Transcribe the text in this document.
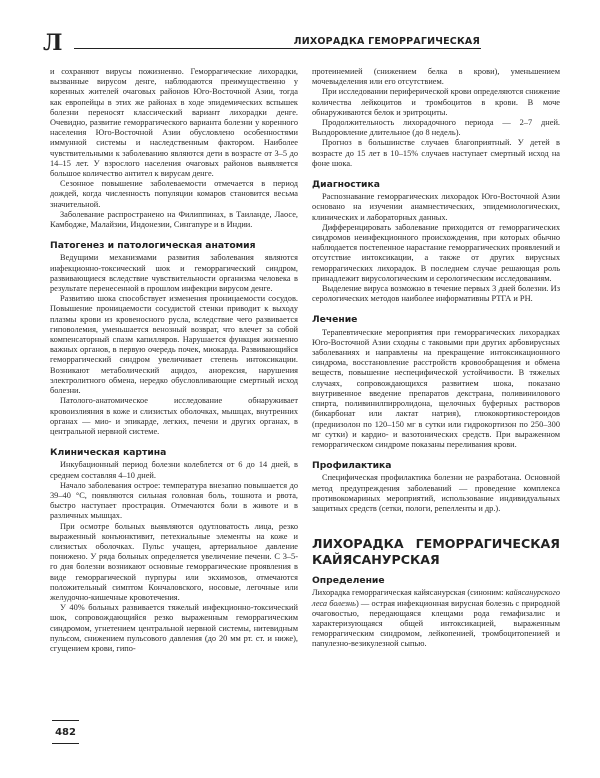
Л	ЛИХОРАДКА ГЕМОРРАГИЧЕСКАЯ

и сохраняют вирусы пожизненно. Геморрагические лихорадки, вызванные вирусом денге, наблюдаются преимущественно у коренных жителей очаговых районов Юго-Восточной Азии, тогда как европейцы в этих же районах в ходе эпидемических вспышек болезни переносят классический вариант лихорадки денге. Очевидно, развитие геморрагического варианта болезни у коренного населения Юго-Восточной Азии обусловлено особенностями иммунной системы и наследственным фактором. Наиболее чувствительными к заболеванию являются дети в возрасте от 3–5 до 14–15 лет. У взрослого населения очаговых районов выявляется большое количество антител к вирусам денге.

Сезонное повышение заболеваемости отмечается в период дождей, когда численность популяции комаров становится весьма значительной.

Заболевание распространено на Филиппинах, в Таиланде, Лаосе, Камбодже, Малайзии, Индонезии, Сингапуре и в Индии.

Патогенез и патологическая анатомия

Ведущими механизмами развития заболевания являются инфекционно-токсический шок и геморрагический синдром, развивающиеся вследствие чувствительности организма человека в результате перенесенной в прошлом инфекции вирусом денге.

Развитию шока способствует изменения проницаемости сосудов. Повышение проницаемости сосудистой стенки приводит к выходу плазмы крови из кровеносного русла, вследствие чего развивается гиповолемия, уменьшается венозный возврат, что влечет за собой компенсаторный спазм капилляров. Нарушается функция жизненно важных органов, в первую очередь почек, миокарда. Развивающийся геморрагический синдром увеличивает степень интоксикации. Возникают метаболический ацидоз, анорексия, нарушения электролитного обмена, нередко обусловливающие смертный исход болезни.

Патолого-анатомическое исследование обнаруживает кровоизлияния в коже и слизистых оболочках, мышцах, внутренних органах — мио- и эпикарде, легких, печени и других органах, в центральной нервной системе.

Клиническая картина

Инкубационный период болезни колеблется от 6 до 14 дней, в среднем составляя 4–10 дней.

Начало заболевания острое: температура внезапно повышается до 39–40 °С, появляются сильная головная боль, тошнота и рвота, быстро наступает прострация. Отмечаются боли в животе и в различных мышцах.

При осмотре больных выявляются одутловатость лица, резко выраженный конъюнктивит, петехиальные элементы на коже и слизистых оболочках. Пульс учащен, артериальное давление понижено. У ряда больных определяется увеличение печени. С 3–5-го дня болезни возникают основные геморрагические проявления в виде геморрагической пурпуры или экхимозов, отмечаются положительный симптом Кончаловского, носовые, легочные или желудочно-кишечные кровотечения.

У 40% больных развивается тяжелый инфекционно-токсический шок, сопровождающийся резко выраженным геморрагическим синдромом, угнетением центральной нервной системы, нитевидным пульсом, снижением пульсового давления (до 20 мм рт. ст. и ниже), сгущением крови, гипо-

протеинемией (снижением белка в крови), уменьшением мочевыделения или его отсутствием.

При исследовании периферической крови определяются снижение количества лейкоцитов и тромбоцитов в крови. В моче обнаруживаются белок и эритроциты.

Продолжительность лихорадочного периода — 2–7 дней. Выздоровление длительное (до 8 недель).

Прогноз в большинстве случаев благоприятный. У детей в возрасте до 15 лет в 10–15% случаев наступает смертный исход на фоне шока.

Диагностика

Распознавание геморрагических лихорадок Юго-Восточной Азии основано на изучении анамнестических, эпидемиологических, клинических и лабораторных данных.

Дифференцировать заболевание приходится от геморрагических синдромов неинфекционного происхождения, при которых обычно наблюдается постепенное нарастание геморрагических проявлений и отсутствие интоксикации, а также от других вирусных геморрагических лихорадок. В последнем случае решающая роль принадлежит вирусологическим и серологическим исследованиям.

Выделение вируса возможно в течение первых 3 дней болезни. Из серологических методов наиболее информативны РТГА и РН.

Лечение

Терапевтические мероприятия при геморрагических лихорадках Юго-Восточной Азии сходны с таковыми при других арбовирусных заболеваниях и направлены на прекращение интоксикационного синдрома, восстановление расстройств кровообращения и обмена веществ, повышение неспецифической устойчивости. В тяжелых случаях, сопровождающихся развитием шока, показано внутривенное введение препаратов декстрана, поливинилового спирта, поливинилпирролидона, щелочных буферных растворов (бикарбонат или лактат натрия), глюкокортикостероидов (преднизолон по 120–150 мг в сутки или гидрокортизон по 250–300 мг сутки) и кардио- и вазотонических средств. При выраженном геморрагическом синдроме показаны переливания крови.

Профилактика

Специфическая профилактика болезни не разработана. Основной метод предупреждения заболеваний — проведение комплекса противокомариных мероприятий, использование индивидуальных защитных средств (сетки, пологи, репелленты и др.).

ЛИХОРАДКА ГЕМОРРАГИЧЕСКАЯ КАЙЯСАНУРСКАЯ
Определение

Лихорадка геморрагическая кайясанурская (синоним: кайясанурского леса болезнь) — острая инфекционная вирусная болезнь с природной очаговостью, передающаяся клещами рода гемафизалис и характеризующаяся общей интоксикацией, выраженным геморрагическим синдромом, лейкопенией, тромбоцитопенией и папулезно-везикулезной сыпью.

482
